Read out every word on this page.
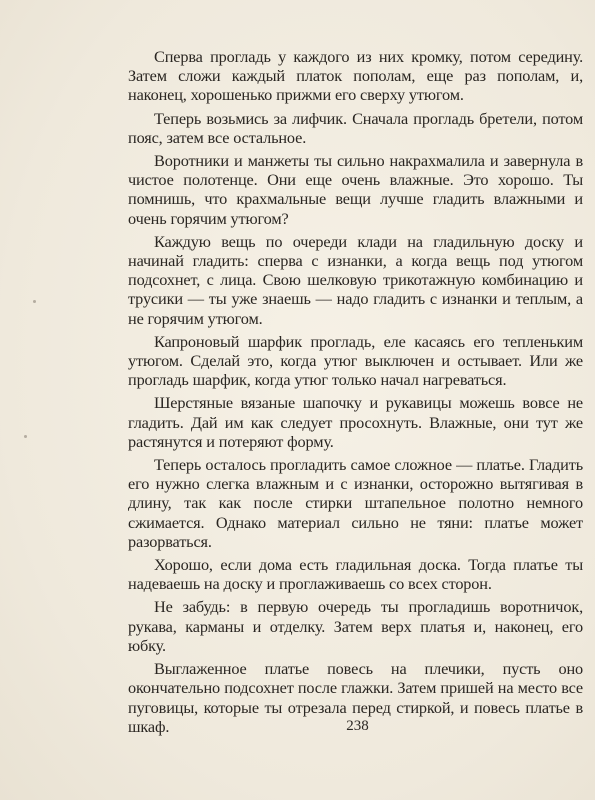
Сперва проглaдь у каждого из них кромку, потом середину. Затем сложи каждый платок пополам, еще раз пополам, и, наконец, хорошенько прижми его сверху утюгом.

Теперь возьмись за лифчик. Сначала проглaдь бретели, потом пояс, затем все остальное.

Воротники и манжеты ты сильно накрахмалила и завернула в чистое полотенце. Они еще очень влажные. Это хорошо. Ты помнишь, что крахмальные вещи лучше гладить влажными и очень горячим утюгом?

Каждую вещь по очереди клади на гладильную доску и начинай гладить: сперва с изнанки, а когда вещь под утюгом подсохнет, с лица. Свою шелковую трикотажную комбинацию и трусики — ты уже знаешь — надо гладить с изнанки и теплым, а не горячим утюгом.

Капроновый шарфик проглaдь, еле касаясь его тепленьким утюгом. Сделай это, когда утюг выключен и остывает. Или же проглaдь шарфик, когда утюг только начал нагреваться.

Шерстяные вязаные шапочку и рукавицы можешь вовсе не гладить. Дай им как следует просохнуть. Влажные, они тут же растянутся и потеряют форму.

Теперь осталось проглaдить самое сложное — платье. Гладить его нужно слегка влажным и с изнанки, осторожно вытягивая в длину, так как после стирки штапельное полотно немного сжимается. Однако материал сильно не тяни: платье может разорваться.

Хорошо, если дома есть гладильная доска. Тогда платье ты надеваешь на доску и проглаживаешь со всех сторон.

Не забудь: в первую очередь ты проглaдишь воротничок, рукава, карманы и отделку. Затем верх платья и, наконец, его юбку.

Выглаженное платье повесь на плечики, пусть оно окончательно подсохнет после глажки. Затем пришей на место все пуговицы, которые ты отрезала перед стиркой, и повесь платье в шкаф.	238
